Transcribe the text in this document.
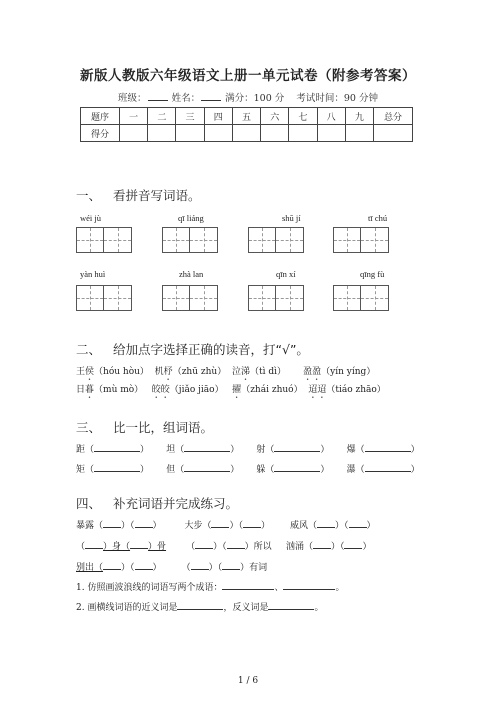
新版人教版六年级语文上册一单元试卷（附参考答案）
班级：	姓名：	满分：100 分 考试时间：90 分钟
题序	一	二	三	四	五	六	七	八	九	总分
得分										
一、 看拼音写词语。
wéi jù	qī liáng	shū jí	tī chú
yàn huì	zhà lan	qīn xí	qīng fù
二、 给加点字选择正确的读音，打“√”。
王侯（hóu hòu） 机杼（zhū zhù） 泣涕（tì dì） 盈盈（yín yíng）
日暮（mù mò） 皎皎（jiǎo jiāo） 擢（zhái zhuó） 迢迢（tiáo zhāo）
三、 比一比，组词语。
距（	） 坦（	） 射（	） 爆（	）
矩（	） 但（	） 躲（	） 瀑（	）
四、 补充词语并完成练习。
暴露（ ）（ ）	大步（ ）（ ） 威风（ ）（ ）
（ ）身（ ）骨 （ ）（ ）所以 汹涌（ ）（ ）
别出（ ）（ ） （ ）（ ）有词
1. 仿照画波浪线的词语写两个成语：	、	。
2. 画横线词语的近义词是	，反义词是	。
1 / 6
